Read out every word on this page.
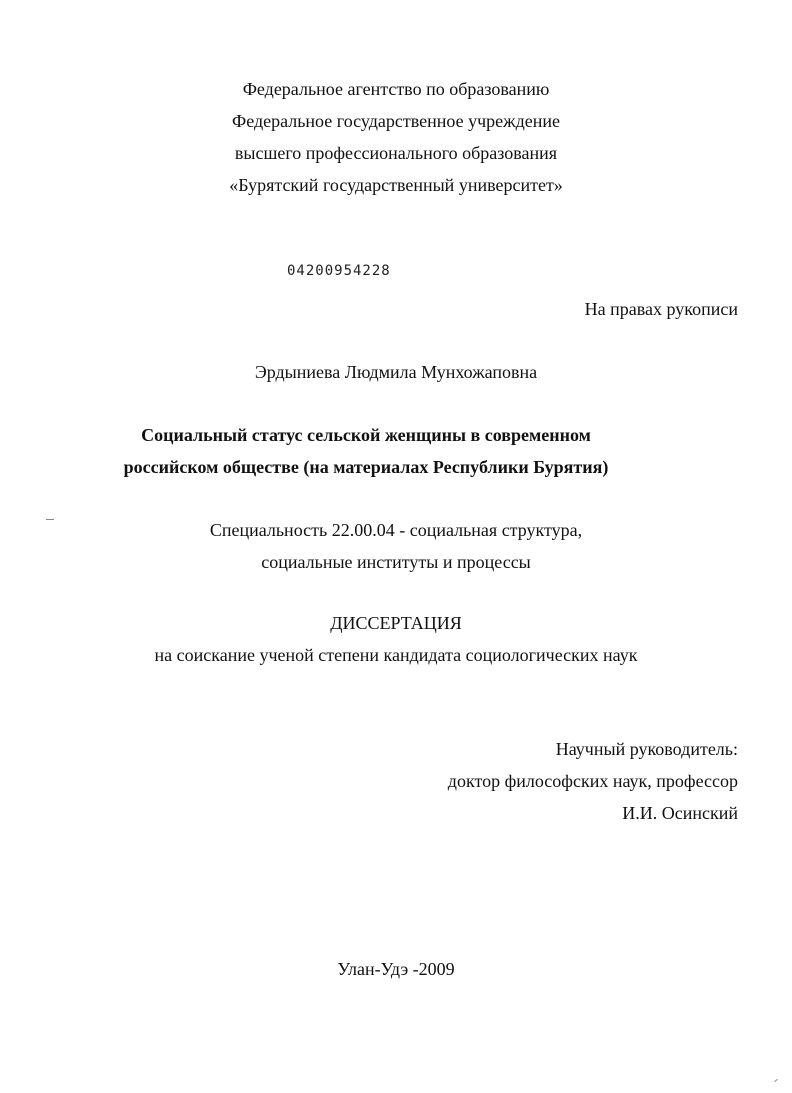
Федеральное агентство по образованию
Федеральное государственное учреждение
высшего профессионального образования
«Бурятский государственный университет»
04200954228
На правах рукописи
Эрдыниева Людмила Мунхожаповна
Социальный статус сельской женщины в современном
российском обществе (на материалах Республики Бурятия)
Специальность 22.00.04 - социальная структура,
социальные институты и процессы
ДИССЕРТАЦИЯ
на соискание ученой степени кандидата социологических наук
Научный руководитель:
доктор философских наук, профессор
И.И. Осинский
Улан-Удэ -2009
